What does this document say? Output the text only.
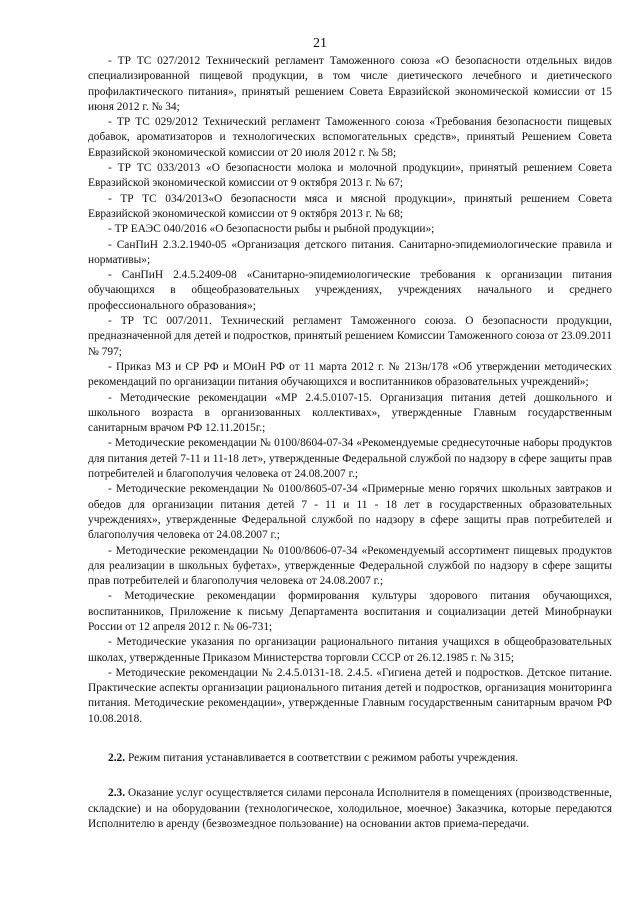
21

- ТР ТС 027/2012 Технический регламент Таможенного союза «О безопасности отдельных видов специализированной пищевой продукции, в том числе диетического лечебного и диетического профилактического питания», принятый решением Совета Евразийской экономической комиссии от 15 июня 2012 г. № 34;

- ТР ТС 029/2012 Технический регламент Таможенного союза «Требования безопасности пищевых добавок, ароматизаторов и технологических вспомогательных средств», принятый Решением Совета Евразийской экономической комиссии от 20 июля 2012 г. № 58;

- ТР ТС 033/2013 «О безопасности молока и молочной продукции», принятый решением Совета Евразийской экономической комиссии от 9 октября 2013 г. № 67;

- ТР ТС 034/2013«О безопасности мяса и мясной продукции», принятый решением Совета Евразийской экономической комиссии от 9 октября 2013 г. № 68;

- ТР ЕАЭС 040/2016 «О безопасности рыбы и рыбной продукции»;

- СанПиН 2.3.2.1940-05 «Организация детского питания. Санитарно-эпидемиологические правила и нормативы»;

- СанПиН 2.4.5.2409-08 «Санитарно-эпидемиологические требования к организации питания обучающихся в общеобразовательных учреждениях, учреждениях начального и среднего профессионального образования»;

- ТР ТС 007/2011. Технический регламент Таможенного союза. О безопасности продукции, предназначенной для детей и подростков, принятый решением Комиссии Таможенного союза от 23.09.2011 № 797;

- Приказ МЗ и СР РФ и МОиН РФ от 11 марта 2012 г. № 213н/178 «Об утверждении методических рекомендаций по организации питания обучающихся и воспитанников образовательных учреждений»;

- Методические рекомендации «МР 2.4.5.0107-15. Организация питания детей дошкольного и школьного возраста в организованных коллективах», утвержденные Главным государственным санитарным врачом РФ 12.11.2015г.;

- Методические рекомендации № 0100/8604-07-34 «Рекомендуемые среднесуточные наборы продуктов для питания детей 7-11 и 11-18 лет», утвержденные Федеральной службой по надзору в сфере защиты прав потребителей и благополучия человека от 24.08.2007 г.;

- Методические рекомендации № 0100/8605-07-34 «Примерные меню горячих школьных завтраков и обедов для организации питания детей 7 - 11 и 11 - 18 лет в государственных образовательных учреждениях», утвержденные Федеральной службой по надзору в сфере защиты прав потребителей и благополучия человека от 24.08.2007 г.;

- Методические рекомендации № 0100/8606-07-34 «Рекомендуемый ассортимент пищевых продуктов для реализации в школьных буфетах», утвержденные Федеральной службой по надзору в сфере защиты прав потребителей и благополучия человека от 24.08.2007 г.;

- Методические рекомендации формирования культуры здорового питания обучающихся, воспитанников, Приложение к письму Департамента воспитания и социализации детей Минобрнауки России от 12 апреля 2012 г. № 06-731;

- Методические указания по организации рационального питания учащихся в общеобразовательных школах, утвержденные Приказом Министерства торговли СССР от 26.12.1985 г. № 315;

- Методические рекомендации № 2.4.5.0131-18. 2.4.5. «Гигиена детей и подростков. Детское питание. Практические аспекты организации рационального питания детей и подростков, организация мониторинга питания. Методические рекомендации», утвержденные Главным государственным санитарным врачом РФ 10.08.2018.

2.2. Режим питания устанавливается в соответствии с режимом работы учреждения.

2.3. Оказание услуг осуществляется силами персонала Исполнителя в помещениях (производственные, складские) и на оборудовании (технологическое, холодильное, моечное) Заказчика, которые передаются Исполнителю в аренду (безвозмездное пользование) на основании актов приема-передачи.
